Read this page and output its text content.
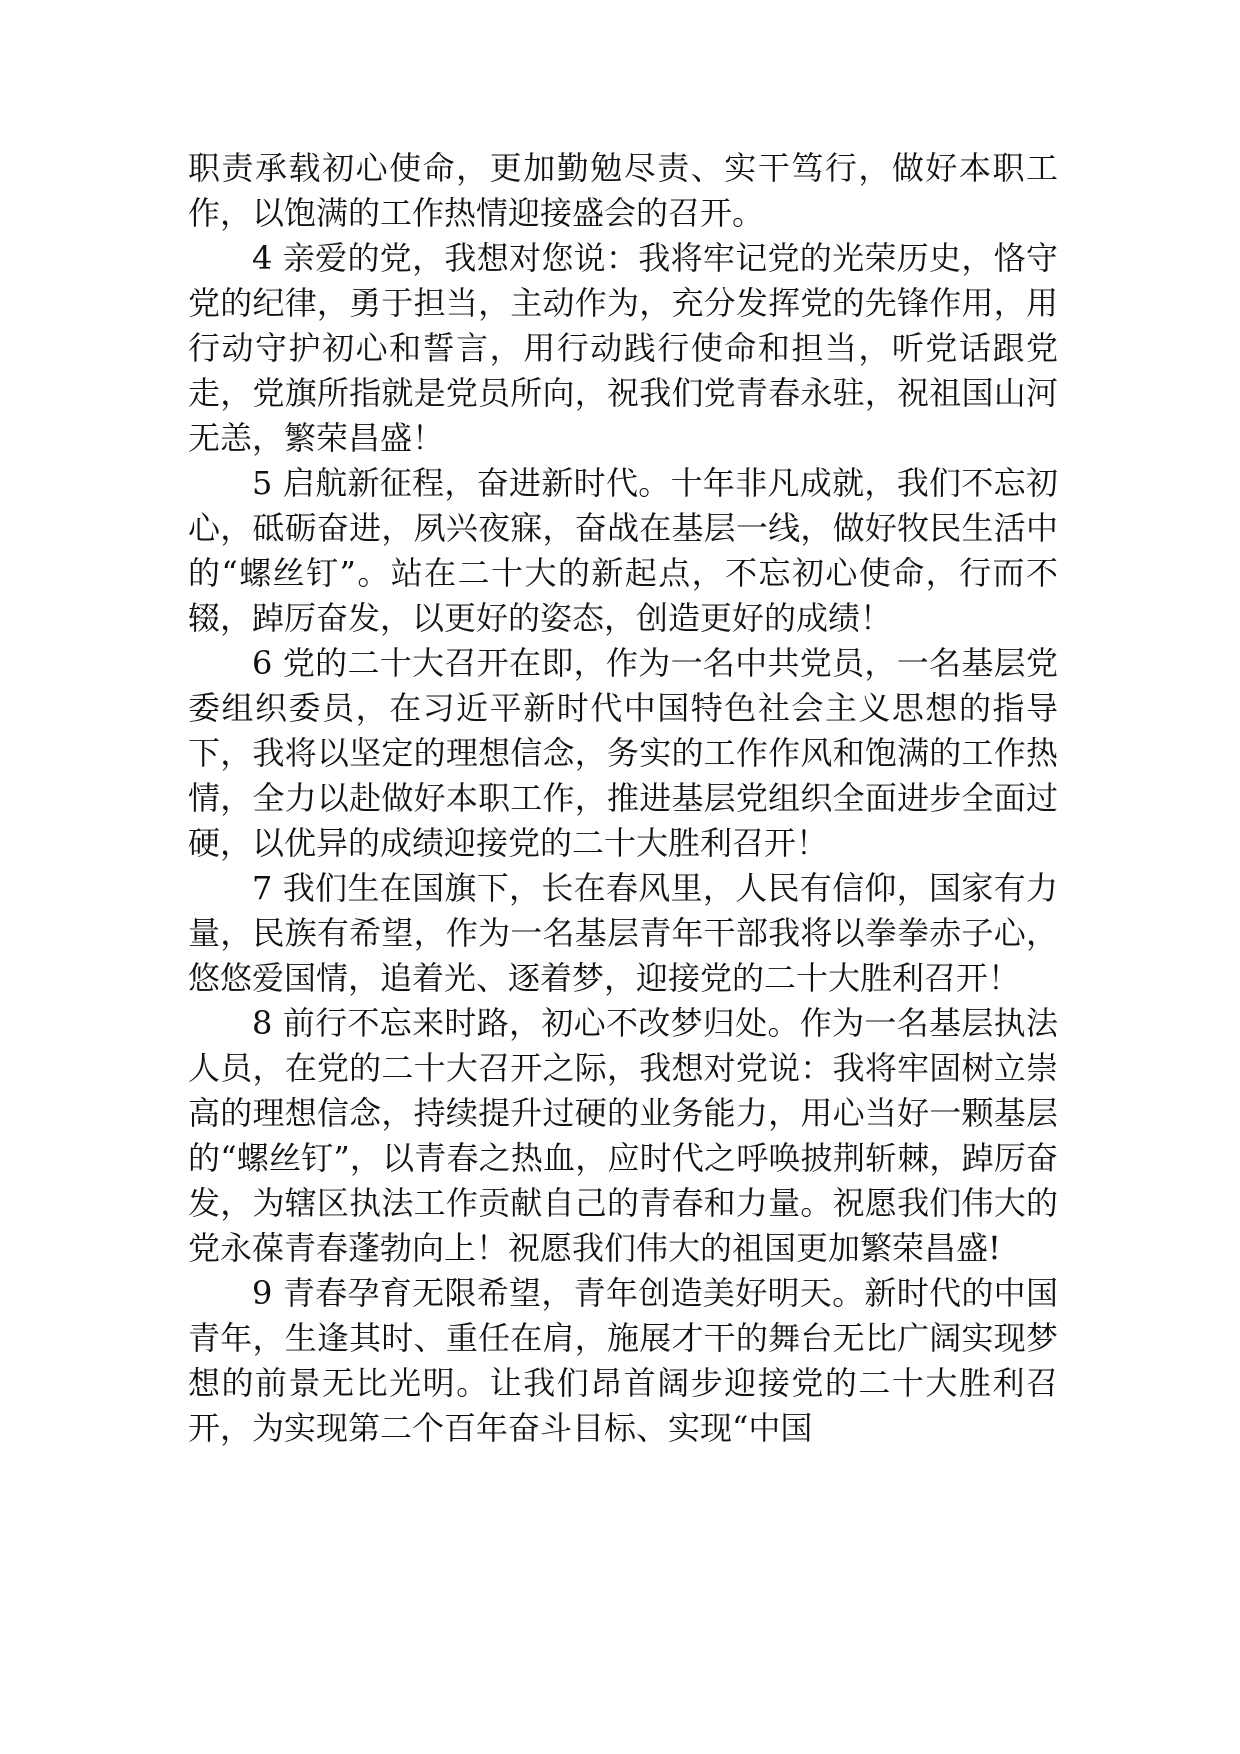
职责承载初心使命，更加勤勉尽责、实干笃行，做好本职工作，以饱满的工作热情迎接盛会的召开。

4 亲爱的党，我想对您说：我将牢记党的光荣历史，恪守党的纪律，勇于担当，主动作为，充分发挥党的先锋作用，用行动守护初心和誓言，用行动践行使命和担当，听党话跟党走，党旗所指就是党员所向，祝我们党青春永驻，祝祖国山河无恙，繁荣昌盛！

5 启航新征程，奋进新时代。十年非凡成就，我们不忘初心，砥砺奋进，夙兴夜寐，奋战在基层一线，做好牧民生活中的“螺丝钉”。站在二十大的新起点，不忘初心使命，行而不辍，踔厉奋发，以更好的姿态，创造更好的成绩！

6 党的二十大召开在即，作为一名中共党员，一名基层党委组织委员，在习近平新时代中国特色社会主义思想的指导下，我将以坚定的理想信念，务实的工作作风和饱满的工作热情，全力以赴做好本职工作，推进基层党组织全面进步全面过硬，以优异的成绩迎接党的二十大胜利召开！

7 我们生在国旗下，长在春风里，人民有信仰，国家有力量，民族有希望，作为一名基层青年干部我将以拳拳赤子心，悠悠爱国情，追着光、逐着梦，迎接党的二十大胜利召开！

8 前行不忘来时路，初心不改梦归处。作为一名基层执法人员，在党的二十大召开之际，我想对党说：我将牢固树立崇高的理想信念，持续提升过硬的业务能力，用心当好一颗基层的“螺丝钉”，以青春之热血，应时代之呼唤披荆斩棘，踔厉奋发，为辖区执法工作贡献自己的青春和力量。祝愿我们伟大的党永葆青春蓬勃向上！祝愿我们伟大的祖国更加繁荣昌盛!

9 青春孕育无限希望，青年创造美好明天。新时代的中国青年，生逢其时、重任在肩，施展才干的舞台无比广阔实现梦想的前景无比光明。让我们昂首阔步迎接党的二十大胜利召开，为实现第二个百年奋斗目标、实现“中国
